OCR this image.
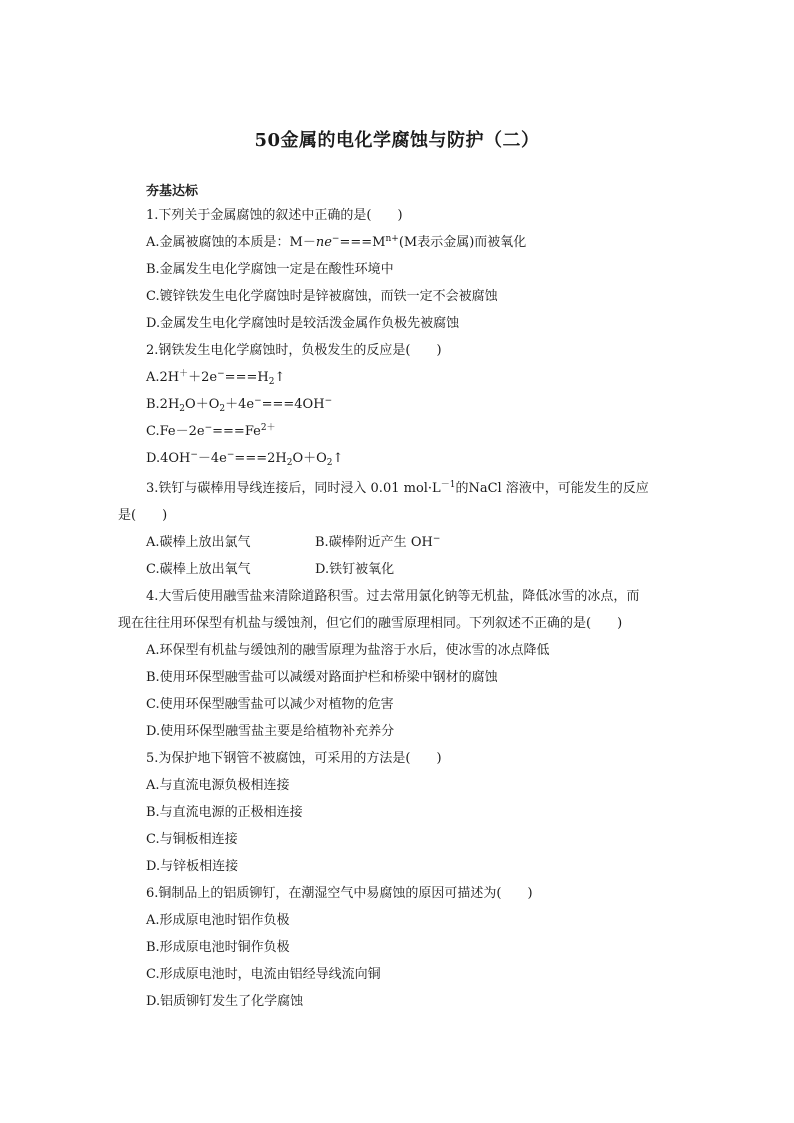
50金属的电化学腐蚀与防护（二）
夯基达标
1.下列关于金属腐蚀的叙述中正确的是(　　)
A.金属被腐蚀的本质是：$M-ne^-===M^{n+}(M$表示金属)而被氧化
B.金属发生电化学腐蚀一定是在酸性环境中
C.镀锌铁发生电化学腐蚀时是锌被腐蚀，而铁一定不会被腐蚀
D.金属发生电化学腐蚀时是较活泼金属作负极先被腐蚀
2.钢铁发生电化学腐蚀时，负极发生的反应是(　　)
$A.2H^++2e^-===H_2↑$
$B.2H_2O+O_2+4e^-===4OH^-$
$C.Fe-2e^-===Fe^{2+}$
$D.4OH^--4e^-===2H_2O+O_2↑$
3.铁钉与碳棒用导线连接后，同时浸入 0.01 $mol\cdot L^{-1}$的NaCl 溶液中，可能发生的反应
是(　　)
A.碳棒上放出氯气	B.碳棒附近产生 OH−
C.碳棒上放出氧气	D.铁钉被氧化
4.大雪后使用融雪盐来清除道路积雪。过去常用氯化钠等无机盐，降低冰雪的冰点，而
现在往往用环保型有机盐与缓蚀剂，但它们的融雪原理相同。下列叙述不正确的是(　　)
A.环保型有机盐与缓蚀剂的融雪原理为盐溶于水后，使冰雪的冰点降低
B.使用环保型融雪盐可以减缓对路面护栏和桥梁中钢材的腐蚀
C.使用环保型融雪盐可以减少对植物的危害
D.使用环保型融雪盐主要是给植物补充养分
5.为保护地下钢管不被腐蚀，可采用的方法是(　　)
A.与直流电源负极相连接
B.与直流电源的正极相连接
C.与铜板相连接
D.与锌板相连接
6.铜制品上的铝质铆钉，在潮湿空气中易腐蚀的原因可描述为(　　)
A.形成原电池时铝作负极
B.形成原电池时铜作负极
C.形成原电池时，电流由铝经导线流向铜
D.铝质铆钉发生了化学腐蚀
